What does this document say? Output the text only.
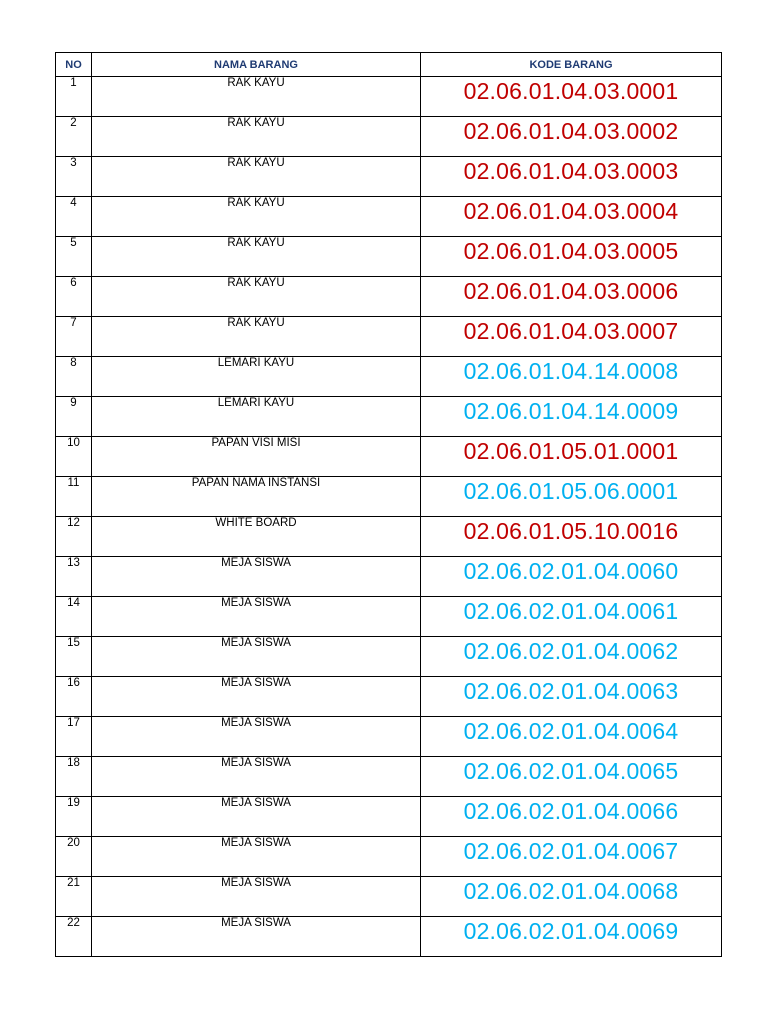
NO	NAMA BARANG	KODE BARANG
1	RAK KAYU	02.06.01.04.03.0001
2	RAK KAYU	02.06.01.04.03.0002
3	RAK KAYU	02.06.01.04.03.0003
4	RAK KAYU	02.06.01.04.03.0004
5	RAK KAYU	02.06.01.04.03.0005
6	RAK KAYU	02.06.01.04.03.0006
7	RAK KAYU	02.06.01.04.03.0007
8	LEMARI KAYU	02.06.01.04.14.0008
9	LEMARI KAYU	02.06.01.04.14.0009
10	PAPAN VISI MISI	02.06.01.05.01.0001
11	PAPAN NAMA INSTANSI	02.06.01.05.06.0001
12	WHITE BOARD	02.06.01.05.10.0016
13	MEJA SISWA	02.06.02.01.04.0060
14	MEJA SISWA	02.06.02.01.04.0061
15	MEJA SISWA	02.06.02.01.04.0062
16	MEJA SISWA	02.06.02.01.04.0063
17	MEJA SISWA	02.06.02.01.04.0064
18	MEJA SISWA	02.06.02.01.04.0065
19	MEJA SISWA	02.06.02.01.04.0066
20	MEJA SISWA	02.06.02.01.04.0067
21	MEJA SISWA	02.06.02.01.04.0068
22	MEJA SISWA	02.06.02.01.04.0069
